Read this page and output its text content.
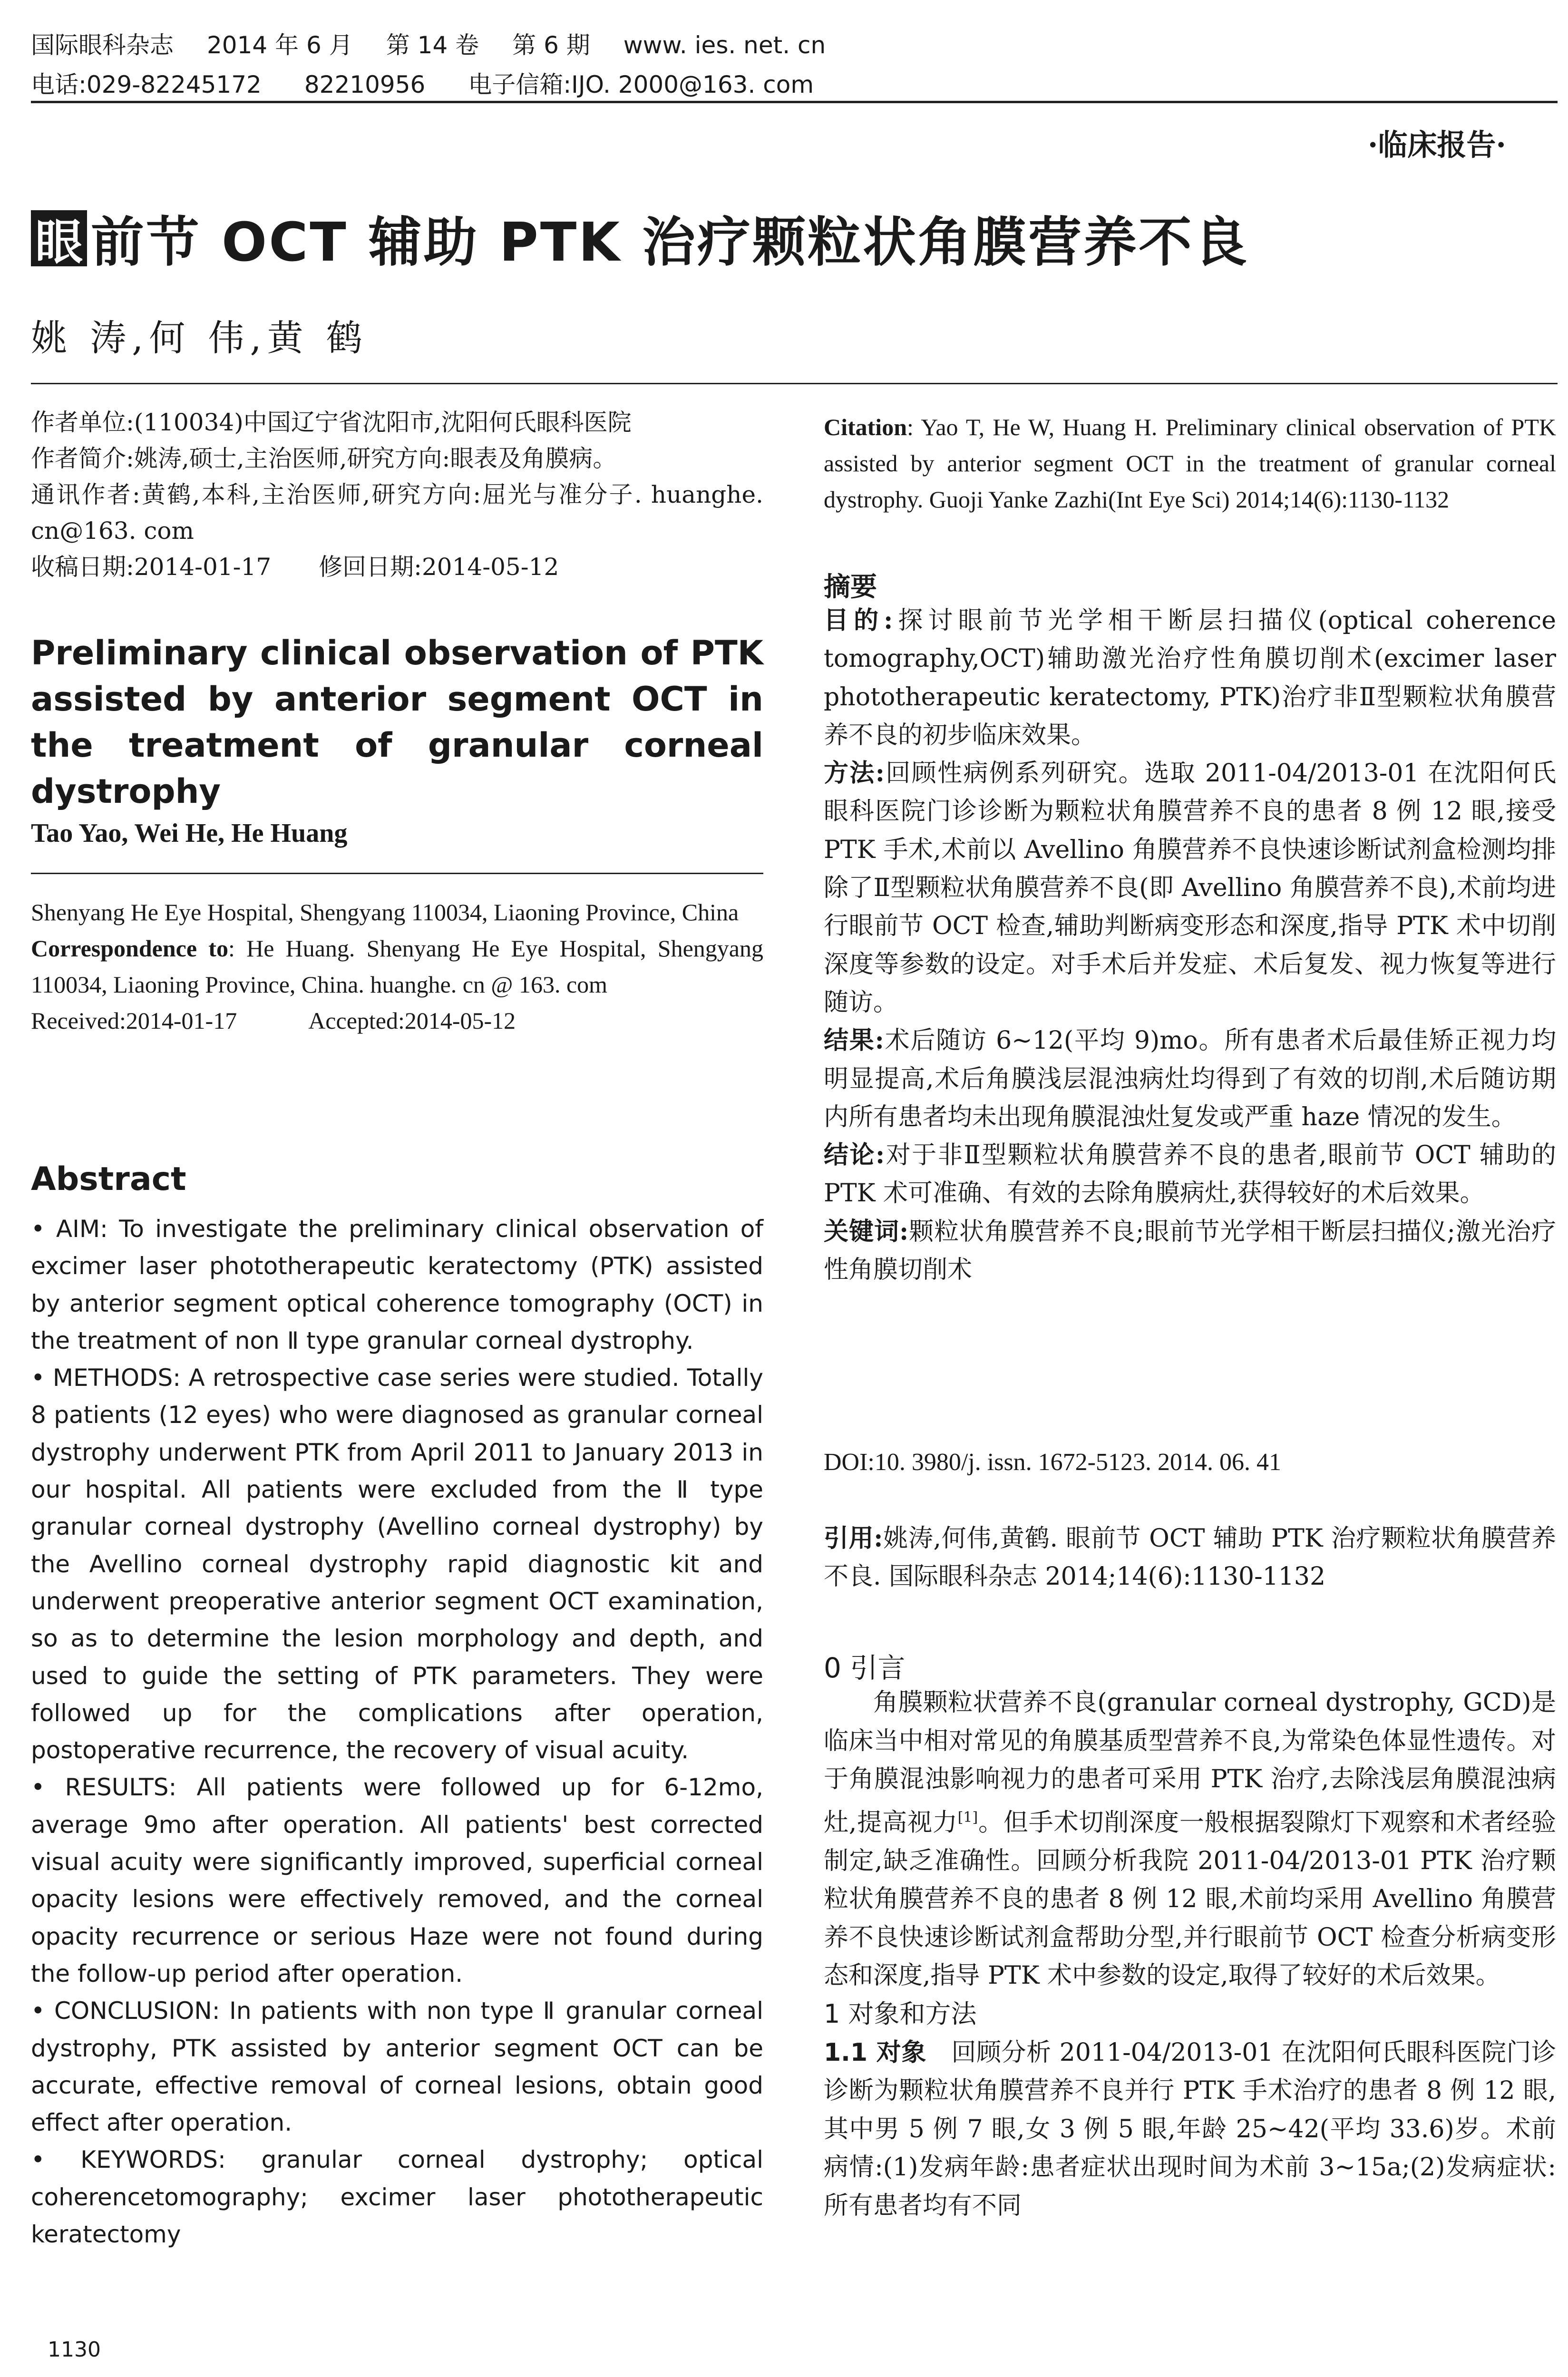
国际眼科杂志 2014 年 6 月 第 14 卷 第 6 期 www. ies. net. cn
电话:029-82245172 82210956 电子信箱:IJO. 2000@163. com
·临床报告·
眼 前节 OCT 辅助 PTK 治疗颗粒状角膜营养不良
姚 涛,何 伟,黄 鹤

作者单位:(110034)中国辽宁省沈阳市,沈阳何氏眼科医院

作者简介:姚涛,硕士,主治医师,研究方向:眼表及角膜病。

通讯作者:黄鹤,本科,主治医师,研究方向:屈光与准分子. huanghe. cn@163. com

收稿日期:2014-01-17　　修回日期:2014-05-12

Preliminary clinical observation of PTK assisted by anterior segment OCT in the treatment of granular corneal dystrophy
Tao Yao, Wei He, He Huang

Shenyang He Eye Hospital, Shengyang 110034, Liaoning Province, China

Correspondence to: He Huang. Shenyang He Eye Hospital, Shengyang 110034, Liaoning Province, China. huanghe. cn @ 163. com

Received:2014-01-17　　　Accepted:2014-05-12

Abstract

• AIM: To investigate the preliminary clinical observation of excimer laser phototherapeutic keratectomy (PTK) assisted by anterior segment optical coherence tomography (OCT) in the treatment of non Ⅱ type granular corneal dystrophy.

• METHODS: A retrospective case series were studied. Totally 8 patients (12 eyes) who were diagnosed as granular corneal dystrophy underwent PTK from April 2011 to January 2013 in our hospital. All patients were excluded from the Ⅱ type granular corneal dystrophy (Avellino corneal dystrophy) by the Avellino corneal dystrophy rapid diagnostic kit and underwent preoperative anterior segment OCT examination, so as to determine the lesion morphology and depth, and used to guide the setting of PTK parameters. They were followed up for the complications after operation, postoperative recurrence, the recovery of visual acuity.

• RESULTS: All patients were followed up for 6-12mo, average 9mo after operation. All patients' best corrected visual acuity were significantly improved, superficial corneal opacity lesions were effectively removed, and the corneal opacity recurrence or serious Haze were not found during the follow-up period after operation.

• CONCLUSION: In patients with non type Ⅱ granular corneal dystrophy, PTK assisted by anterior segment OCT can be accurate, effective removal of corneal lesions, obtain good effect after operation.

• KEYWORDS: granular corneal dystrophy; optical coherencetomography; excimer laser phototherapeutic keratectomy

1130

Citation: Yao T, He W, Huang H. Preliminary clinical observation of PTK assisted by anterior segment OCT in the treatment of granular corneal dystrophy. Guoji Yanke Zazhi(Int Eye Sci) 2014;14(6):1130-1132

摘要

目的:探讨眼前节光学相干断层扫描仪(optical coherence tomography,OCT)辅助激光治疗性角膜切削术(excimer laser phototherapeutic keratectomy, PTK)治疗非Ⅱ型颗粒状角膜营养不良的初步临床效果。

方法:回顾性病例系列研究。选取 2011-04/2013-01 在沈阳何氏眼科医院门诊诊断为颗粒状角膜营养不良的患者 8 例 12 眼,接受 PTK 手术,术前以 Avellino 角膜营养不良快速诊断试剂盒检测均排除了Ⅱ型颗粒状角膜营养不良(即 Avellino 角膜营养不良),术前均进行眼前节 OCT 检查,辅助判断病变形态和深度,指导 PTK 术中切削深度等参数的设定。对手术后并发症、术后复发、视力恢复等进行随访。

结果:术后随访 6~12(平均 9)mo。所有患者术后最佳矫正视力均明显提高,术后角膜浅层混浊病灶均得到了有效的切削,术后随访期内所有患者均未出现角膜混浊灶复发或严重 haze 情况的发生。

结论:对于非Ⅱ型颗粒状角膜营养不良的患者,眼前节 OCT 辅助的 PTK 术可准确、有效的去除角膜病灶,获得较好的术后效果。

关键词:颗粒状角膜营养不良;眼前节光学相干断层扫描仪;激光治疗性角膜切削术

DOI:10. 3980/j. issn. 1672-5123. 2014. 06. 41

引用:姚涛,何伟,黄鹤. 眼前节 OCT 辅助 PTK 治疗颗粒状角膜营养不良. 国际眼科杂志 2014;14(6):1130-1132

0 引言

角膜颗粒状营养不良(granular corneal dystrophy, GCD)是临床当中相对常见的角膜基质型营养不良,为常染色体显性遗传。对于角膜混浊影响视力的患者可采用 PTK 治疗,去除浅层角膜混浊病灶,提高视力[1]。但手术切削深度一般根据裂隙灯下观察和术者经验制定,缺乏准确性。回顾分析我院 2011-04/2013-01 PTK 治疗颗粒状角膜营养不良的患者 8 例 12 眼,术前均采用 Avellino 角膜营养不良快速诊断试剂盒帮助分型,并行眼前节 OCT 检查分析病变形态和深度,指导 PTK 术中参数的设定,取得了较好的术后效果。

1 对象和方法

1.1 对象　回顾分析 2011-04/2013-01 在沈阳何氏眼科医院门诊诊断为颗粒状角膜营养不良并行 PTK 手术治疗的患者 8 例 12 眼,其中男 5 例 7 眼,女 3 例 5 眼,年龄 25~42(平均 33.6)岁。术前病情:(1)发病年龄:患者症状出现时间为术前 3~15a;(2)发病症状:所有患者均有不同
